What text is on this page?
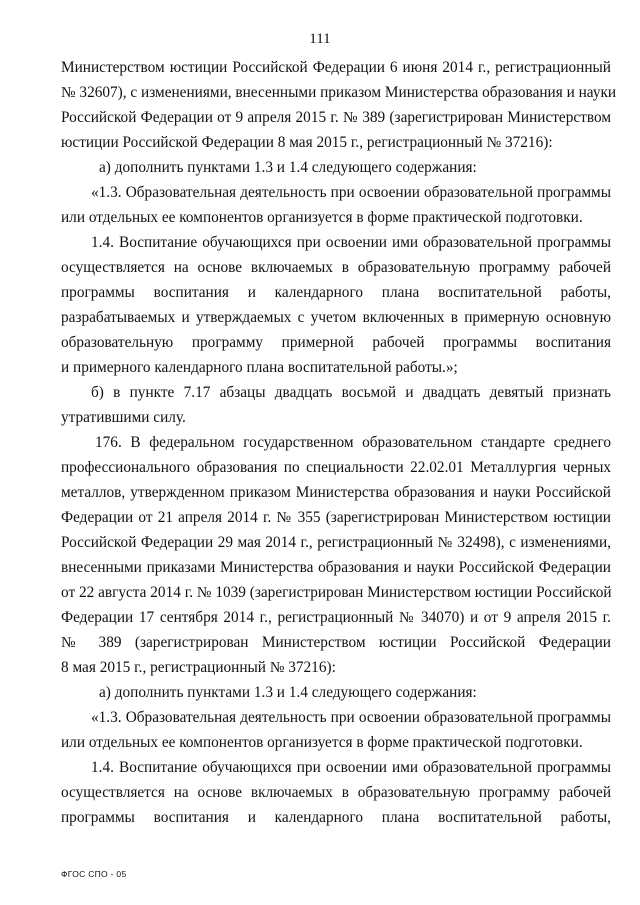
111
Министерством юстиции Российской Федерации 6 июня 2014 г., регистрационный
№ 32607), с изменениями, внесенными приказом Министерства образования и науки
Российской Федерации от 9 апреля 2015 г. № 389 (зарегистрирован Министерством
юстиции Российской Федерации 8 мая 2015 г., регистрационный № 37216):
а) дополнить пунктами 1.3 и 1.4 следующего содержания:
«1.3. Образовательная деятельность при освоении образовательной программы
или отдельных ее компонентов организуется в форме практической подготовки.
1.4. Воспитание обучающихся при освоении ими образовательной программы
осуществляется на основе включаемых в образовательную программу рабочей
программы воспитания и календарного плана воспитательной работы,
разрабатываемых и утверждаемых с учетом включенных в примерную основную
образовательную программу примерной рабочей программы воспитания
и примерного календарного плана воспитательной работы.»;
б) в пункте 7.17 абзацы двадцать восьмой и двадцать девятый признать
утратившими силу.
176. В федеральном государственном образовательном стандарте среднего
профессионального образования по специальности 22.02.01 Металлургия черных
металлов, утвержденном приказом Министерства образования и науки Российской
Федерации от 21 апреля 2014 г. № 355 (зарегистрирован Министерством юстиции
Российской Федерации 29 мая 2014 г., регистрационный № 32498), с изменениями,
внесенными приказами Министерства образования и науки Российской Федерации
от 22 августа 2014 г. № 1039 (зарегистрирован Министерством юстиции Российской
Федерации 17 сентября 2014 г., регистрационный № 34070) и от 9 апреля 2015 г.
№ 389 (зарегистрирован Министерством юстиции Российской Федерации
8 мая 2015 г., регистрационный № 37216):
а) дополнить пунктами 1.3 и 1.4 следующего содержания:
«1.3. Образовательная деятельность при освоении образовательной программы
или отдельных ее компонентов организуется в форме практической подготовки.
1.4. Воспитание обучающихся при освоении ими образовательной программы
осуществляется на основе включаемых в образовательную программу рабочей
программы воспитания и календарного плана воспитательной работы,
ФГОС СПО - 05
